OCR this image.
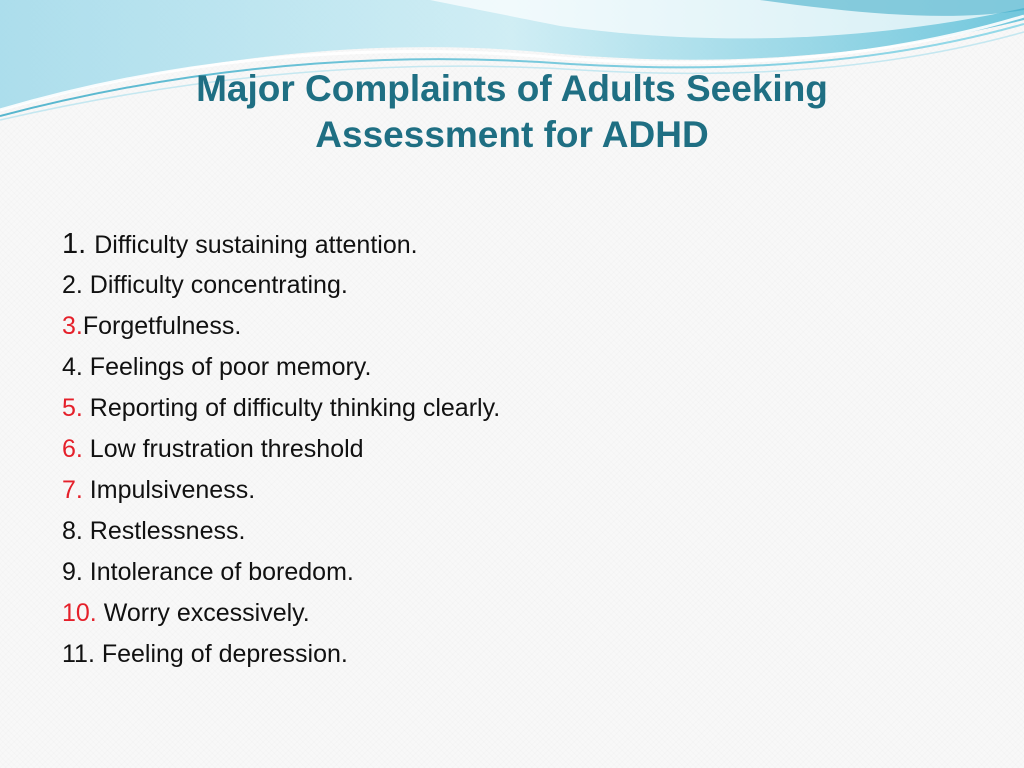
Major Complaints of Adults Seeking
Assessment for ADHD
1. Difficulty sustaining attention.
2. Difficulty concentrating.
3.Forgetfulness.
4. Feelings of poor memory.
5. Reporting of difficulty thinking clearly.
6. Low frustration threshold
7. Impulsiveness.
8. Restlessness.
9. Intolerance of boredom.
10. Worry excessively.
11. Feeling of depression.
